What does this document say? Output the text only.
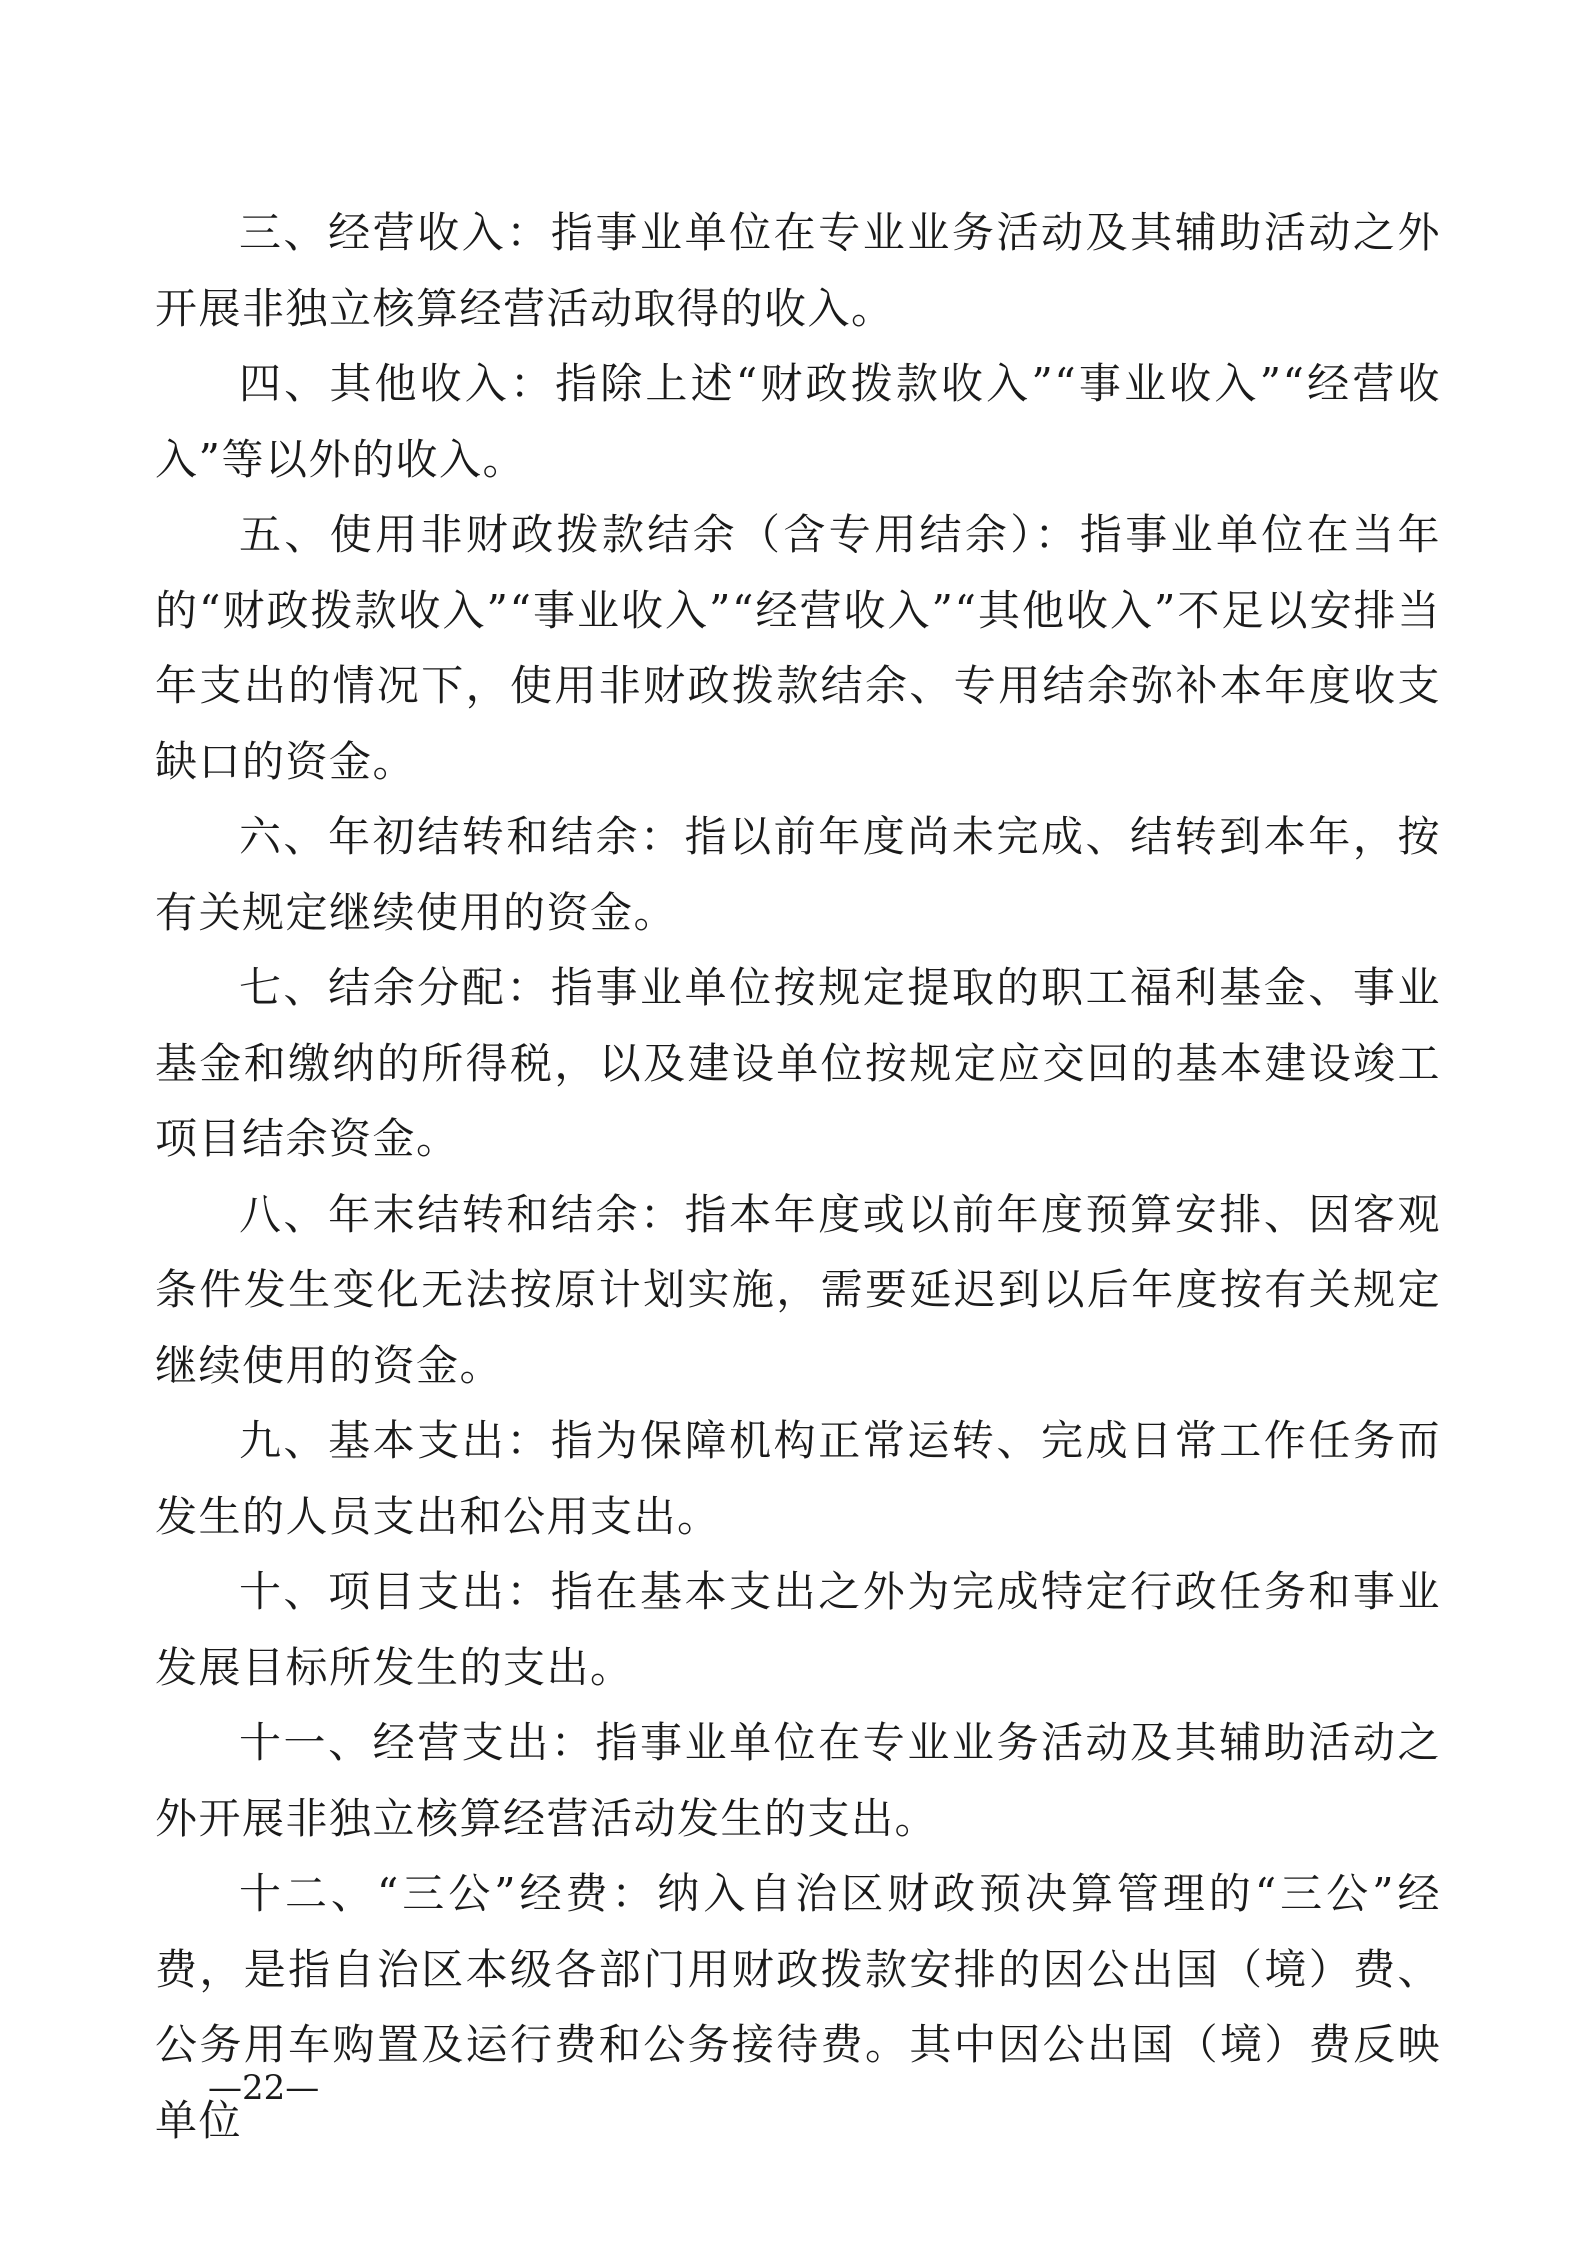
三、经营收入：指事业单位在专业业务活动及其辅助活动之外开展非独立核算经营活动取得的收入。

四、其他收入：指除上述“财政拨款收入”“事业收入”“经营收入”等以外的收入。

五、使用非财政拨款结余（含专用结余）：指事业单位在当年的“财政拨款收入”“事业收入”“经营收入”“其他收入”不足以安排当年支出的情况下，使用非财政拨款结余、专用结余弥补本年度收支缺口的资金。

六、年初结转和结余：指以前年度尚未完成、结转到本年，按有关规定继续使用的资金。

七、结余分配：指事业单位按规定提取的职工福利基金、事业基金和缴纳的所得税，以及建设单位按规定应交回的基本建设竣工项目结余资金。

八、年末结转和结余：指本年度或以前年度预算安排、因客观条件发生变化无法按原计划实施，需要延迟到以后年度按有关规定继续使用的资金。

九、基本支出：指为保障机构正常运转、完成日常工作任务而发生的人员支出和公用支出。

十、项目支出：指在基本支出之外为完成特定行政任务和事业发展目标所发生的支出。

十一、经营支出：指事业单位在专业业务活动及其辅助活动之外开展非独立核算经营活动发生的支出。

十二、“三公”经费：纳入自治区财政预决算管理的“三公”经费，是指自治区本级各部门用财政拨款安排的因公出国（境）费、公务用车购置及运行费和公务接待费。其中因公出国（境）费反映单位

—22—
